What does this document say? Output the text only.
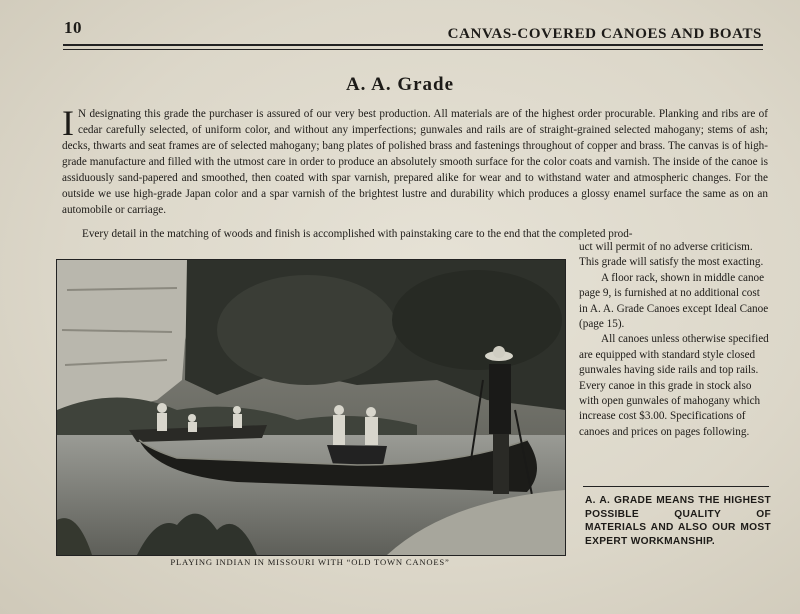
10	CANVAS-COVERED CANOES AND BOATS
A. A. Grade
I N designating this grade the purchaser is assured of our very best production. All materials are of the highest order procurable. Planking and ribs are of cedar carefully selected, of uniform color, and without any imperfections; gunwales and rails are of straight-grained selected mahogany; stems of ash; decks, thwarts and seat frames are of selected mahogany; bang plates of polished brass and fastenings throughout of copper and brass. The canvas is of high-grade manufacture and filled with the utmost care in order to produce an absolutely smooth surface for the color coats and varnish. The inside of the canoe is assiduously sand-papered and smoothed, then coated with spar varnish, prepared alike for wear and to withstand water and atmospheric changes. For the outside we use high-grade Japan color and a spar varnish of the brightest lustre and durability which produces a glossy enamel surface the same as on an automobile or carriage.
Every detail in the matching of woods and finish is accomplished with painstaking care to the end that the completed prod-
PLAYING INDIAN IN MISSOURI WITH “OLD TOWN CANOES”

uct will permit of no adverse criticism. This grade will satisfy the most exacting.

A floor rack, shown in middle canoe page 9, is furnished at no additional cost in A. A. Grade Canoes except Ideal Canoe (page 15).

All canoes unless otherwise specified are equipped with standard style closed gunwales having side rails and top rails. Every canoe in this grade in stock also with open gunwales of mahogany which increase cost $3.00. Specifications of canoes and prices on pages following.

A. A. GRADE MEANS THE HIGHEST POSSIBLE QUALITY OF MATERIALS AND ALSO OUR MOST EXPERT WORKMANSHIP.
